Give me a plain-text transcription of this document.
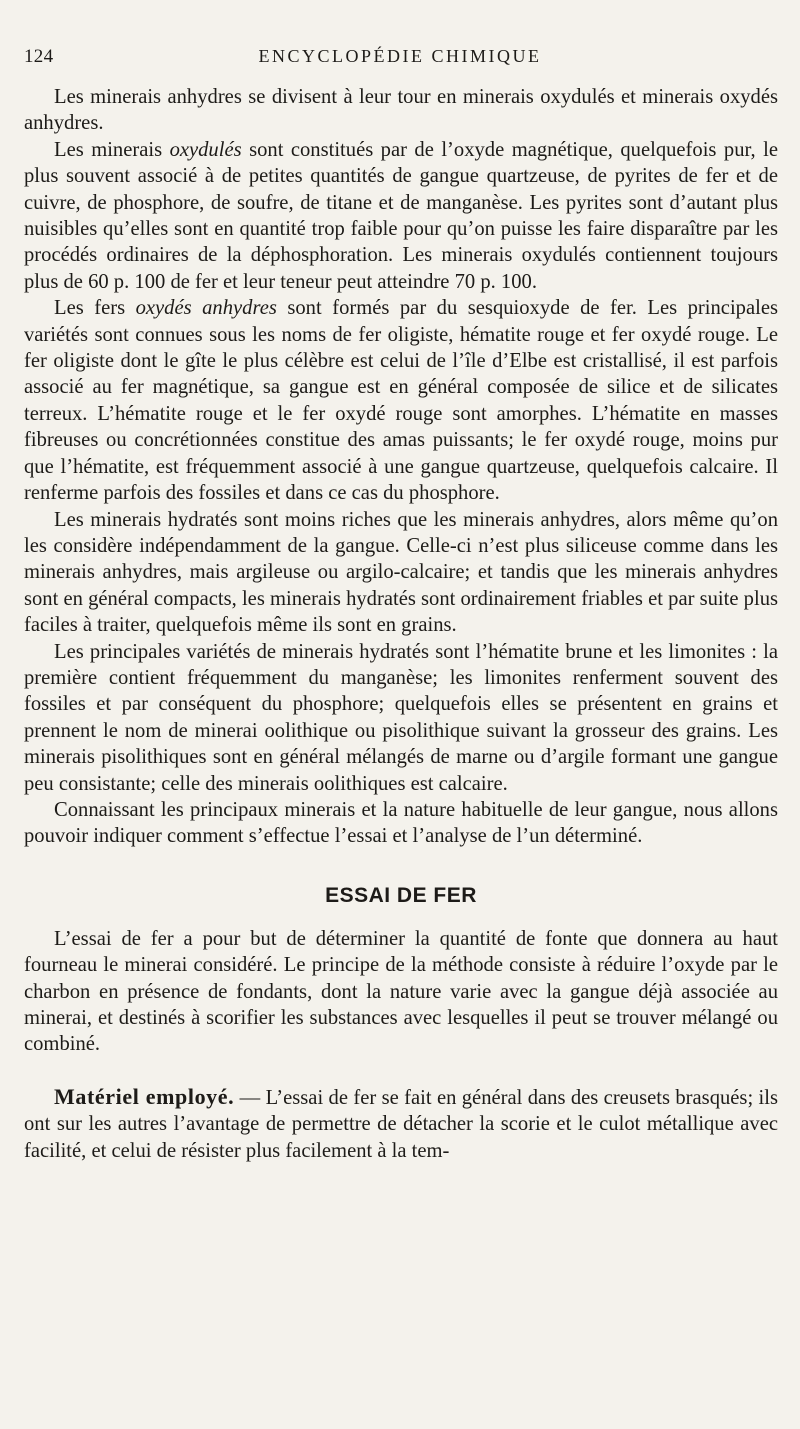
124	ENCYCLOPÉDIE CHIMIQUE

Les minerais anhydres se divisent à leur tour en minerais oxydulés et minerais oxydés anhydres.

Les minerais oxydulés sont constitués par de l’oxyde magnétique, quelquefois pur, le plus souvent associé à de petites quantités de gangue quartzeuse, de pyrites de fer et de cuivre, de phosphore, de soufre, de titane et de manganèse. Les pyrites sont d’autant plus nuisibles qu’elles sont en quantité trop faible pour qu’on puisse les faire disparaître par les procédés ordinaires de la déphosphoration. Les minerais oxydulés contiennent toujours plus de 60 p. 100 de fer et leur teneur peut atteindre 70 p. 100.

Les fers oxydés anhydres sont formés par du sesquioxyde de fer. Les principales variétés sont connues sous les noms de fer oligiste, hématite rouge et fer oxydé rouge. Le fer oligiste dont le gîte le plus célèbre est celui de l’île d’Elbe est cristallisé, il est parfois associé au fer magnétique, sa gangue est en général composée de silice et de silicates terreux. L’hématite rouge et le fer oxydé rouge sont amorphes. L’hématite en masses fibreuses ou concrétionnées constitue des amas puissants; le fer oxydé rouge, moins pur que l’hématite, est fréquemment associé à une gangue quartzeuse, quelquefois calcaire. Il renferme parfois des fossiles et dans ce cas du phosphore.

Les minerais hydratés sont moins riches que les minerais anhydres, alors même qu’on les considère indépendamment de la gangue. Celle-ci n’est plus siliceuse comme dans les minerais anhydres, mais argileuse ou argilo-calcaire; et tandis que les minerais anhydres sont en général compacts, les minerais hydratés sont ordinairement friables et par suite plus faciles à traiter, quelquefois même ils sont en grains.

Les principales variétés de minerais hydratés sont l’hématite brune et les limonites : la première contient fréquemment du manganèse; les limonites renferment souvent des fossiles et par conséquent du phosphore; quelquefois elles se présentent en grains et prennent le nom de minerai oolithique ou pisolithique suivant la grosseur des grains. Les minerais pisolithiques sont en général mélangés de marne ou d’argile formant une gangue peu consistante; celle des minerais oolithiques est calcaire.

Connaissant les principaux minerais et la nature habituelle de leur gangue, nous allons pouvoir indiquer comment s’effectue l’essai et l’analyse de l’un déterminé.

ESSAI DE FER

L’essai de fer a pour but de déterminer la quantité de fonte que donnera au haut fourneau le minerai considéré. Le principe de la méthode consiste à réduire l’oxyde par le charbon en présence de fondants, dont la nature varie avec la gangue déjà associée au minerai, et destinés à scorifier les substances avec lesquelles il peut se trouver mélangé ou combiné.

Matériel employé. — L’essai de fer se fait en général dans des creusets brasqués; ils ont sur les autres l’avantage de permettre de détacher la scorie et le culot métallique avec facilité, et celui de résister plus facilement à la tem-
